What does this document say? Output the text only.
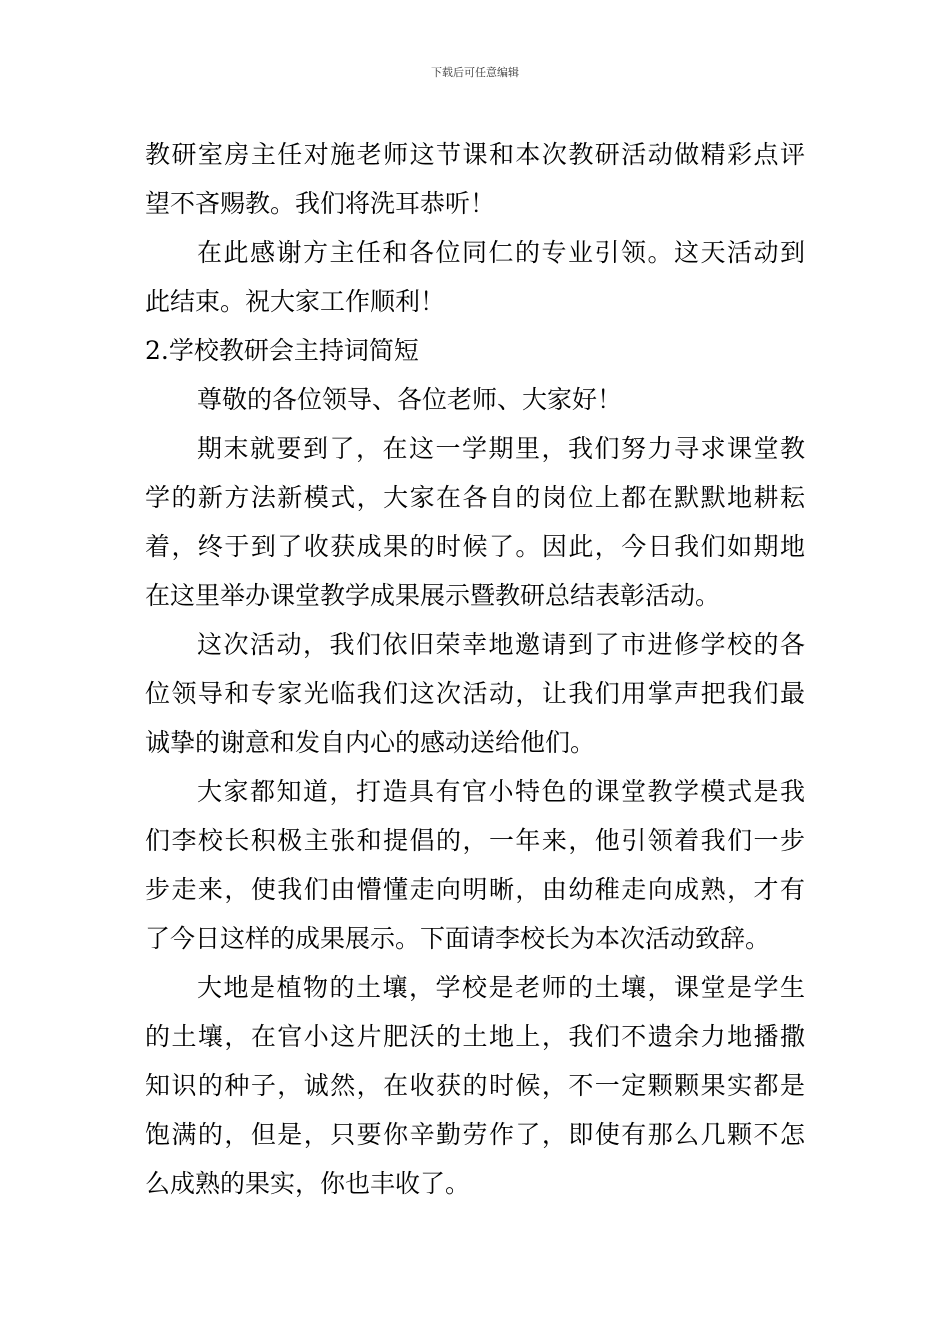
下载后可任意编辑
教研室房主任对施老师这节课和本次教研活动做精彩点评
望不吝赐教。我们将洗耳恭听！
在此感谢方主任和各位同仁的专业引领。这天活动到
此结束。祝大家工作顺利！
2.学校教研会主持词简短
尊敬的各位领导、各位老师、大家好！
期末就要到了，在这一学期里，我们努力寻求课堂教
学的新方法新模式，大家在各自的岗位上都在默默地耕耘
着，终于到了收获成果的时候了。因此，今日我们如期地
在这里举办课堂教学成果展示暨教研总结表彰活动。
这次活动，我们依旧荣幸地邀请到了市进修学校的各
位领导和专家光临我们这次活动，让我们用掌声把我们最
诚挚的谢意和发自内心的感动送给他们。
大家都知道，打造具有官小特色的课堂教学模式是我
们李校长积极主张和提倡的，一年来，他引领着我们一步
步走来，使我们由懵懂走向明晰，由幼稚走向成熟，才有
了今日这样的成果展示。下面请李校长为本次活动致辞。
大地是植物的土壤，学校是老师的土壤，课堂是学生
的土壤，在官小这片肥沃的土地上，我们不遗余力地播撒
知识的种子，诚然，在收获的时候，不一定颗颗果实都是
饱满的，但是，只要你辛勤劳作了，即使有那么几颗不怎
么成熟的果实，你也丰收了。
